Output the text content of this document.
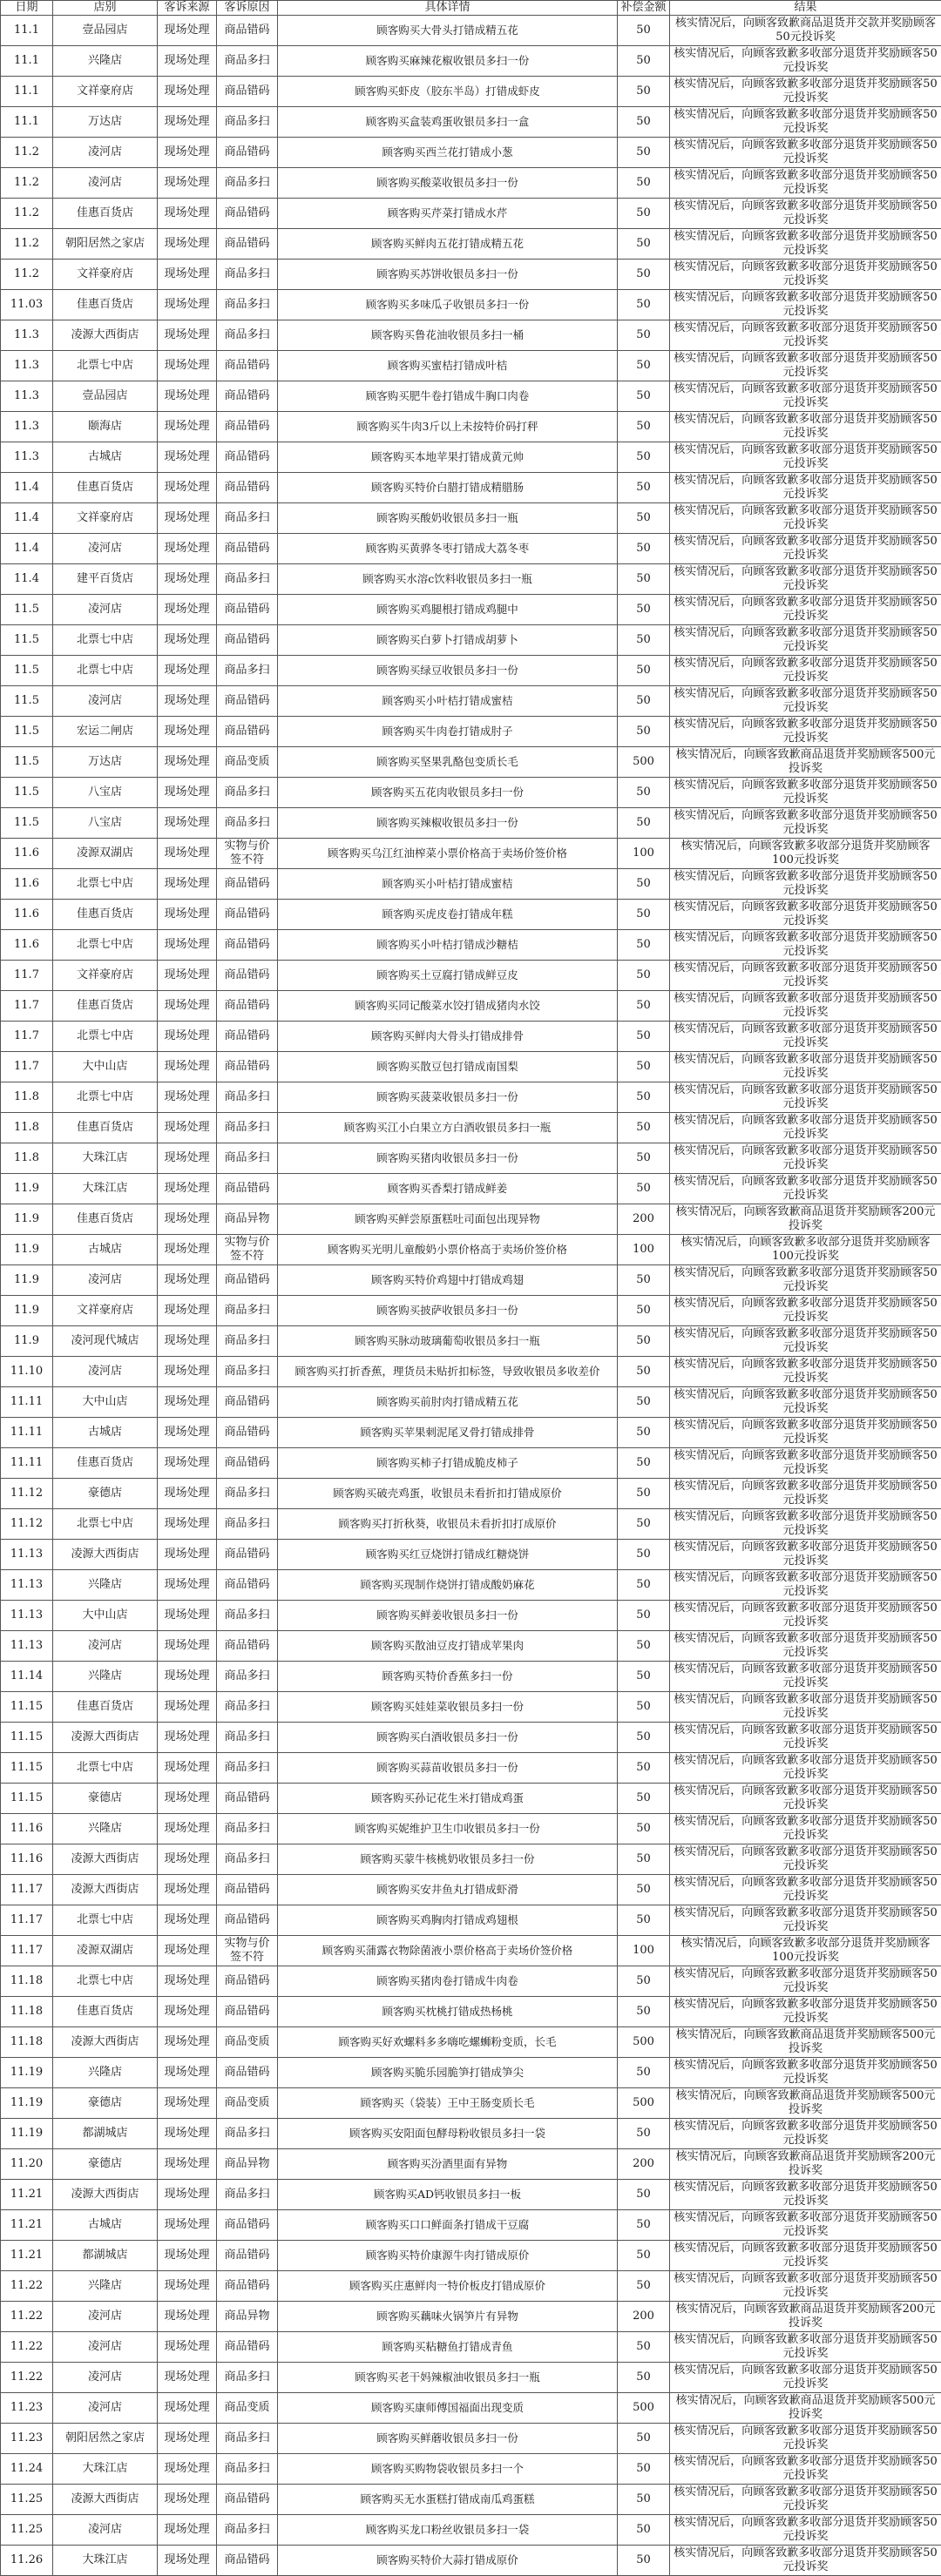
日期	店别	客诉来源	客诉原因	具体详情	补偿金额	结果
11.1	壹品园店	现场处理	商品错码	顾客购买大骨头打错成精五花	50	核实情况后，向顾客致歉商品退货并交款并奖励顾客50元投诉奖
11.1	兴隆店	现场处理	商品多扫	顾客购买麻辣花椒收银员多扫一份	50	核实情况后，向顾客致歉多收部分退货并奖励顾客50元投诉奖
11.1	文祥豪府店	现场处理	商品错码	顾客购买虾皮（胶东半岛）打错成虾皮	50	核实情况后，向顾客致歉多收部分退货并奖励顾客50元投诉奖
11.1	万达店	现场处理	商品多扫	顾客购买盒装鸡蛋收银员多扫一盒	50	核实情况后，向顾客致歉多收部分退货并奖励顾客50元投诉奖
11.2	凌河店	现场处理	商品错码	顾客购买西兰花打错成小葱	50	核实情况后，向顾客致歉多收部分退货并奖励顾客50元投诉奖
11.2	凌河店	现场处理	商品多扫	顾客购买酸菜收银员多扫一份	50	核实情况后，向顾客致歉多收部分退货并奖励顾客50元投诉奖
11.2	佳惠百货店	现场处理	商品错码	顾客购买芹菜打错成水芹	50	核实情况后，向顾客致歉多收部分退货并奖励顾客50元投诉奖
11.2	朝阳居然之家店	现场处理	商品错码	顾客购买鲜肉五花打错成精五花	50	核实情况后，向顾客致歉多收部分退货并奖励顾客50元投诉奖
11.2	文祥豪府店	现场处理	商品多扫	顾客购买苏饼收银员多扫一份	50	核实情况后，向顾客致歉多收部分退货并奖励顾客50元投诉奖
11.03	佳惠百货店	现场处理	商品多扫	顾客购买多味瓜子收银员多扫一份	50	核实情况后，向顾客致歉多收部分退货并奖励顾客50元投诉奖
11.3	凌源大西街店	现场处理	商品多扫	顾客购买鲁花油收银员多扫一桶	50	核实情况后，向顾客致歉多收部分退货并奖励顾客50元投诉奖
11.3	北票七中店	现场处理	商品错码	顾客购买蜜桔打错成叶桔	50	核实情况后，向顾客致歉多收部分退货并奖励顾客50元投诉奖
11.3	壹品园店	现场处理	商品错码	顾客购买肥牛卷打错成牛胸口肉卷	50	核实情况后，向顾客致歉多收部分退货并奖励顾客50元投诉奖
11.3	颐海店	现场处理	商品错码	顾客购买牛肉3斤以上未按特价码打秤	50	核实情况后，向顾客致歉多收部分退货并奖励顾客50元投诉奖
11.3	古城店	现场处理	商品错码	顾客购买本地苹果打错成黄元帅	50	核实情况后，向顾客致歉多收部分退货并奖励顾客50元投诉奖
11.4	佳惠百货店	现场处理	商品错码	顾客购买特价白腊打错成精腊肠	50	核实情况后，向顾客致歉多收部分退货并奖励顾客50元投诉奖
11.4	文祥豪府店	现场处理	商品多扫	顾客购买酸奶收银员多扫一瓶	50	核实情况后，向顾客致歉多收部分退货并奖励顾客50元投诉奖
11.4	凌河店	现场处理	商品错码	顾客购买黄骅冬枣打错成大荔冬枣	50	核实情况后，向顾客致歉多收部分退货并奖励顾客50元投诉奖
11.4	建平百货店	现场处理	商品多扫	顾客购买水溶c饮料收银员多扫一瓶	50	核实情况后，向顾客致歉多收部分退货并奖励顾客50元投诉奖
11.5	凌河店	现场处理	商品错码	顾客购买鸡腿根打错成鸡腿中	50	核实情况后，向顾客致歉多收部分退货并奖励顾客50元投诉奖
11.5	北票七中店	现场处理	商品错码	顾客购买白萝卜打错成胡萝卜	50	核实情况后，向顾客致歉多收部分退货并奖励顾客50元投诉奖
11.5	北票七中店	现场处理	商品多扫	顾客购买绿豆收银员多扫一份	50	核实情况后，向顾客致歉多收部分退货并奖励顾客50元投诉奖
11.5	凌河店	现场处理	商品错码	顾客购买小叶桔打错成蜜桔	50	核实情况后，向顾客致歉多收部分退货并奖励顾客50元投诉奖
11.5	宏运二闸店	现场处理	商品错码	顾客购买牛肉卷打错成肘子	50	核实情况后，向顾客致歉多收部分退货并奖励顾客50元投诉奖
11.5	万达店	现场处理	商品变质	顾客购买坚果乳酪包变质长毛	500	核实情况后，向顾客致歉商品退货并奖励顾客500元投诉奖
11.5	八宝店	现场处理	商品多扫	顾客购买五花肉收银员多扫一份	50	核实情况后，向顾客致歉多收部分退货并奖励顾客50元投诉奖
11.5	八宝店	现场处理	商品多扫	顾客购买辣椒收银员多扫一份	50	核实情况后，向顾客致歉多收部分退货并奖励顾客50元投诉奖
11.6	凌源双湖店	现场处理	实物与价签不符	顾客购买乌江红油榨菜小票价格高于卖场价签价格	100	核实情况后，向顾客致歉多收部分退货并奖励顾客100元投诉奖
11.6	北票七中店	现场处理	商品错码	顾客购买小叶桔打错成蜜桔	50	核实情况后，向顾客致歉多收部分退货并奖励顾客50元投诉奖
11.6	佳惠百货店	现场处理	商品错码	顾客购买虎皮卷打错成年糕	50	核实情况后，向顾客致歉多收部分退货并奖励顾客50元投诉奖
11.6	北票七中店	现场处理	商品错码	顾客购买小叶桔打错成沙糖桔	50	核实情况后，向顾客致歉多收部分退货并奖励顾客50元投诉奖
11.7	文祥豪府店	现场处理	商品错码	顾客购买土豆腐打错成鲜豆皮	50	核实情况后，向顾客致歉多收部分退货并奖励顾客50元投诉奖
11.7	佳惠百货店	现场处理	商品错码	顾客购买同记酸菜水饺打错成猪肉水饺	50	核实情况后，向顾客致歉多收部分退货并奖励顾客50元投诉奖
11.7	北票七中店	现场处理	商品错码	顾客购买鲜肉大骨头打错成排骨	50	核实情况后，向顾客致歉多收部分退货并奖励顾客50元投诉奖
11.7	大中山店	现场处理	商品错码	顾客购买散豆包打错成南国梨	50	核实情况后，向顾客致歉多收部分退货并奖励顾客50元投诉奖
11.8	北票七中店	现场处理	商品多扫	顾客购买菠菜收银员多扫一份	50	核实情况后，向顾客致歉多收部分退货并奖励顾客50元投诉奖
11.8	佳惠百货店	现场处理	商品多扫	顾客购买江小白果立方白酒收银员多扫一瓶	50	核实情况后，向顾客致歉多收部分退货并奖励顾客50元投诉奖
11.8	大珠江店	现场处理	商品多扫	顾客购买猪肉收银员多扫一份	50	核实情况后，向顾客致歉多收部分退货并奖励顾客50元投诉奖
11.9	大珠江店	现场处理	商品错码	顾客购买香梨打错成鲜姜	50	核实情况后，向顾客致歉多收部分退货并奖励顾客50元投诉奖
11.9	佳惠百货店	现场处理	商品异物	顾客购买鲜尝原蛋糕吐司面包出现异物	200	核实情况后，向顾客致歉商品退货并奖励顾客200元投诉奖
11.9	古城店	现场处理	实物与价签不符	顾客购买光明儿童酸奶小票价格高于卖场价签价格	100	核实情况后，向顾客致歉多收部分退货并奖励顾客100元投诉奖
11.9	凌河店	现场处理	商品错码	顾客购买特价鸡翅中打错成鸡翅	50	核实情况后，向顾客致歉多收部分退货并奖励顾客50元投诉奖
11.9	文祥豪府店	现场处理	商品多扫	顾客购买披萨收银员多扫一份	50	核实情况后，向顾客致歉多收部分退货并奖励顾客50元投诉奖
11.9	凌河现代城店	现场处理	商品多扫	顾客购买脉动玻璃葡萄收银员多扫一瓶	50	核实情况后，向顾客致歉多收部分退货并奖励顾客50元投诉奖
11.10	凌河店	现场处理	商品多扫	顾客购买打折香蕉，理货员未贴折扣标签，导致收银员多收差价	50	核实情况后，向顾客致歉多收部分退货并奖励顾客50元投诉奖
11.11	大中山店	现场处理	商品错码	顾客购买前肘肉打错成精五花	50	核实情况后，向顾客致歉多收部分退货并奖励顾客50元投诉奖
11.11	古城店	现场处理	商品错码	顾客购买苹果刺泥尾叉骨打错成排骨	50	核实情况后，向顾客致歉多收部分退货并奖励顾客50元投诉奖
11.11	佳惠百货店	现场处理	商品错码	顾客购买柿子打错成脆皮柿子	50	核实情况后，向顾客致歉多收部分退货并奖励顾客50元投诉奖
11.12	豪德店	现场处理	商品多扫	顾客购买破壳鸡蛋，收银员未看折扣打错成原价	50	核实情况后，向顾客致歉多收部分退货并奖励顾客50元投诉奖
11.12	北票七中店	现场处理	商品多扫	顾客购买打折秋葵，收银员未看折扣打成原价	50	核实情况后，向顾客致歉多收部分退货并奖励顾客50元投诉奖
11.13	凌源大西街店	现场处理	商品错码	顾客购买红豆烧饼打错成红糖烧饼	50	核实情况后，向顾客致歉多收部分退货并奖励顾客50元投诉奖
11.13	兴隆店	现场处理	商品错码	顾客购买现制作烧饼打错成酸奶麻花	50	核实情况后，向顾客致歉多收部分退货并奖励顾客50元投诉奖
11.13	大中山店	现场处理	商品多扫	顾客购买鲜姜收银员多扫一份	50	核实情况后，向顾客致歉多收部分退货并奖励顾客50元投诉奖
11.13	凌河店	现场处理	商品错码	顾客购买散油豆皮打错成苹果肉	50	核实情况后，向顾客致歉多收部分退货并奖励顾客50元投诉奖
11.14	兴隆店	现场处理	商品多扫	顾客购买特价香蕉多扫一份	50	核实情况后，向顾客致歉多收部分退货并奖励顾客50元投诉奖
11.15	佳惠百货店	现场处理	商品多扫	顾客购买娃娃菜收银员多扫一份	50	核实情况后，向顾客致歉多收部分退货并奖励顾客50元投诉奖
11.15	凌源大西街店	现场处理	商品多扫	顾客购买白酒收银员多扫一份	50	核实情况后，向顾客致歉多收部分退货并奖励顾客50元投诉奖
11.15	北票七中店	现场处理	商品多扫	顾客购买蒜苗收银员多扫一份	50	核实情况后，向顾客致歉多收部分退货并奖励顾客50元投诉奖
11.15	豪德店	现场处理	商品错码	顾客购买孙记花生米打错成鸡蛋	50	核实情况后，向顾客致歉多收部分退货并奖励顾客50元投诉奖
11.16	兴隆店	现场处理	商品多扫	顾客购买妮维护卫生巾收银员多扫一份	50	核实情况后，向顾客致歉多收部分退货并奖励顾客50元投诉奖
11.16	凌源大西街店	现场处理	商品多扫	顾客购买蒙牛核桃奶收银员多扫一份	50	核实情况后，向顾客致歉多收部分退货并奖励顾客50元投诉奖
11.17	凌源大西街店	现场处理	商品错码	顾客购买安井鱼丸打错成虾滑	50	核实情况后，向顾客致歉多收部分退货并奖励顾客50元投诉奖
11.17	北票七中店	现场处理	商品错码	顾客购买鸡胸肉打错成鸡翅根	50	核实情况后，向顾客致歉多收部分退货并奖励顾客50元投诉奖
11.17	凌源双湖店	现场处理	实物与价签不符	顾客购买蒲露衣物除菌液小票价格高于卖场价签价格	100	核实情况后，向顾客致歉多收部分退货并奖励顾客100元投诉奖
11.18	北票七中店	现场处理	商品错码	顾客购买猪肉卷打错成牛肉卷	50	核实情况后，向顾客致歉多收部分退货并奖励顾客50元投诉奖
11.18	佳惠百货店	现场处理	商品错码	顾客购买枕桃打错成热杨桃	50	核实情况后，向顾客致歉多收部分退货并奖励顾客50元投诉奖
11.18	凌源大西街店	现场处理	商品变质	顾客购买好欢螺料多多嗨吃螺蛳粉变质，长毛	500	核实情况后，向顾客致歉商品退货并奖励顾客500元投诉奖
11.19	兴隆店	现场处理	商品错码	顾客购买脆乐园脆笋打错成笋尖	50	核实情况后，向顾客致歉多收部分退货并奖励顾客50元投诉奖
11.19	豪德店	现场处理	商品变质	顾客购买（袋装）王中王肠变质长毛	500	核实情况后，向顾客致歉商品退货并奖励顾客500元投诉奖
11.19	都湖城店	现场处理	商品多扫	顾客购买安阳面包酵母粉收银员多扫一袋	50	核实情况后，向顾客致歉多收部分退货并奖励顾客50元投诉奖
11.20	豪德店	现场处理	商品异物	顾客购买汾酒里面有异物	200	核实情况后，向顾客致歉商品退货并奖励顾客200元投诉奖
11.21	凌源大西街店	现场处理	商品多扫	顾客购买AD钙收银员多扫一板	50	核实情况后，向顾客致歉多收部分退货并奖励顾客50元投诉奖
11.21	古城店	现场处理	商品错码	顾客购买口口鲜面条打错成干豆腐	50	核实情况后，向顾客致歉多收部分退货并奖励顾客50元投诉奖
11.21	都湖城店	现场处理	商品错码	顾客购买特价康源牛肉打错成原价	50	核实情况后，向顾客致歉多收部分退货并奖励顾客50元投诉奖
11.22	兴隆店	现场处理	商品错码	顾客购买庄惠鲜肉一特价板皮打错成原价	50	核实情况后，向顾客致歉多收部分退货并奖励顾客50元投诉奖
11.22	凌河店	现场处理	商品异物	顾客购买藕味火锅笋片有异物	200	核实情况后，向顾客致歉商品退货并奖励顾客200元投诉奖
11.22	凌河店	现场处理	商品错码	顾客购买粘糖鱼打错成青鱼	50	核实情况后，向顾客致歉多收部分退货并奖励顾客50元投诉奖
11.22	凌河店	现场处理	商品多扫	顾客购买老干妈辣椒油收银员多扫一瓶	50	核实情况后，向顾客致歉多收部分退货并奖励顾客50元投诉奖
11.23	凌河店	现场处理	商品变质	顾客购买康师傅国福面出现变质	500	核实情况后，向顾客致歉商品退货并奖励顾客500元投诉奖
11.23	朝阳居然之家店	现场处理	商品多扫	顾客购买鲜蘑收银员多扫一份	50	核实情况后，向顾客致歉多收部分退货并奖励顾客50元投诉奖
11.24	大珠江店	现场处理	商品多扫	顾客购买购物袋收银员多扫一个	50	核实情况后，向顾客致歉多收部分退货并奖励顾客50元投诉奖
11.25	凌源大西街店	现场处理	商品错码	顾客购买无水蛋糕打错成南瓜鸡蛋糕	50	核实情况后，向顾客致歉多收部分退货并奖励顾客50元投诉奖
11.25	凌河店	现场处理	商品多扫	顾客购买龙口粉丝收银员多扫一袋	50	核实情况后，向顾客致歉多收部分退货并奖励顾客50元投诉奖
11.26	大珠江店	现场处理	商品错码	顾客购买特价大蒜打错成原价	50	核实情况后，向顾客致歉多收部分退货并奖励顾客50元投诉奖
